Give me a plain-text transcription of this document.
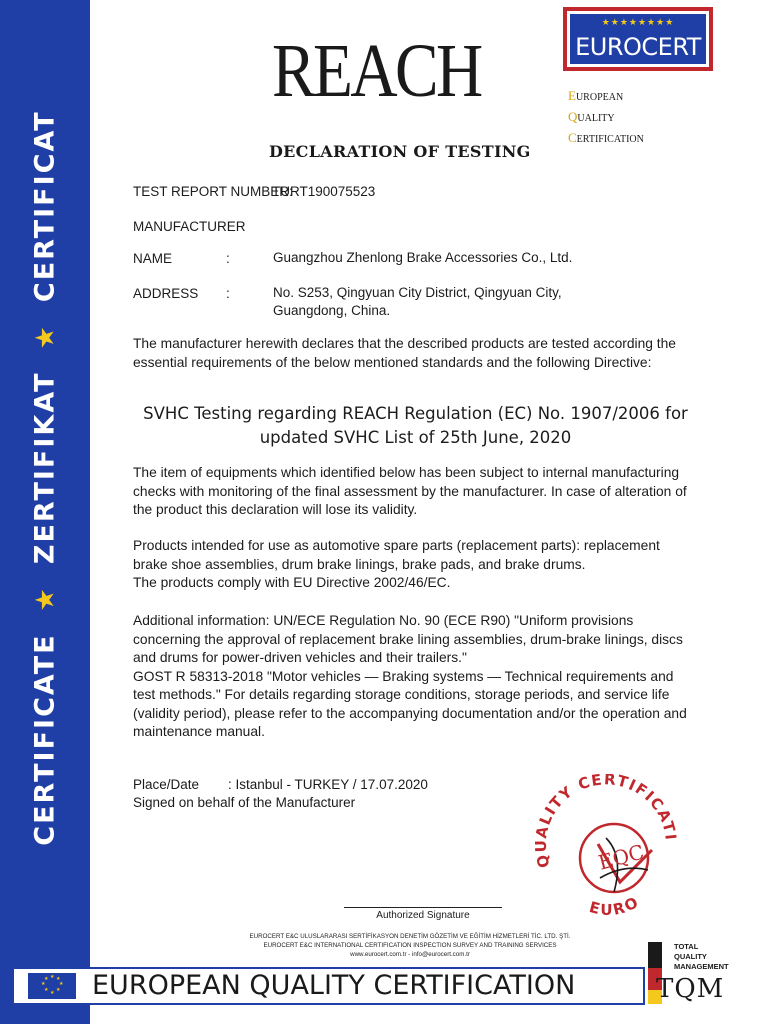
CERTIFICATE
★
ZERTIFIKAT
★
CERTIFICAT
★★★★★★★★
EUROCERT
EUROPEAN
QUALITY
CERTIFICATION
REACH
DECLARATION OF TESTING
TEST REPORT NUMBER:
TURT190075523
MANUFACTURER
NAME	:	Guangzhou Zhenlong Brake Accessories Co., Ltd.
ADDRESS :	No. S253, Qingyuan City District, Qingyuan City,
Guangdong, China.

The manufacturer herewith declares that the described products are tested according the essential requirements of the below mentioned standards and the following Directive:

SVHC Testing regarding REACH Regulation (EC) No. 1907/2006 for
updated SVHC List of 25th June, 2020

The item of equipments which identified below has been subject to internal manufacturing checks with monitoring of the final assessment by the manufacturer. In case of alteration of the product this declaration will lose its validity.

Products intended for use as automotive spare parts (replacement parts): replacement brake shoe assemblies, drum brake linings, brake pads, and brake drums.

The products comply with EU Directive 2002/46/EC.

Additional information: UN/ECE Regulation No. 90 (ECE R90) "Uniform provisions concerning the approval of replacement brake lining assemblies, drum-brake linings, discs and drums for power-driven vehicles and their trailers."

GOST R 58313-2018 "Motor vehicles — Braking systems — Technical requirements and test methods." For details regarding storage conditions, storage periods, and service life (validity period), please refer to the accompanying documentation and/or the operation and maintenance manual.

Place/Date : Istanbul - TURKEY / 17.07.2020
Signed on behalf of the Manufacturer
QUALITY CERTIFICATI
EURO
EQC
Authorized Signature
EUROCERT E&C ULUSLARARASI SERTİFİKASYON DENETİM GÖZETİM VE EĞİTİM HİZMETLERİ TİC. LTD. ŞTİ.
EUROCERT E&C INTERNATIONAL CERTIFICATION INSPECTION SURVEY AND TRAINING SERVICES
www.eurocert.com.tr - info@eurocert.com.tr
TOTAL
QUALITY
MANAGEMENT
TQM
★ ★
★
★
★
★
★
★ EUROPEAN QUALITY CERTIFICATION
